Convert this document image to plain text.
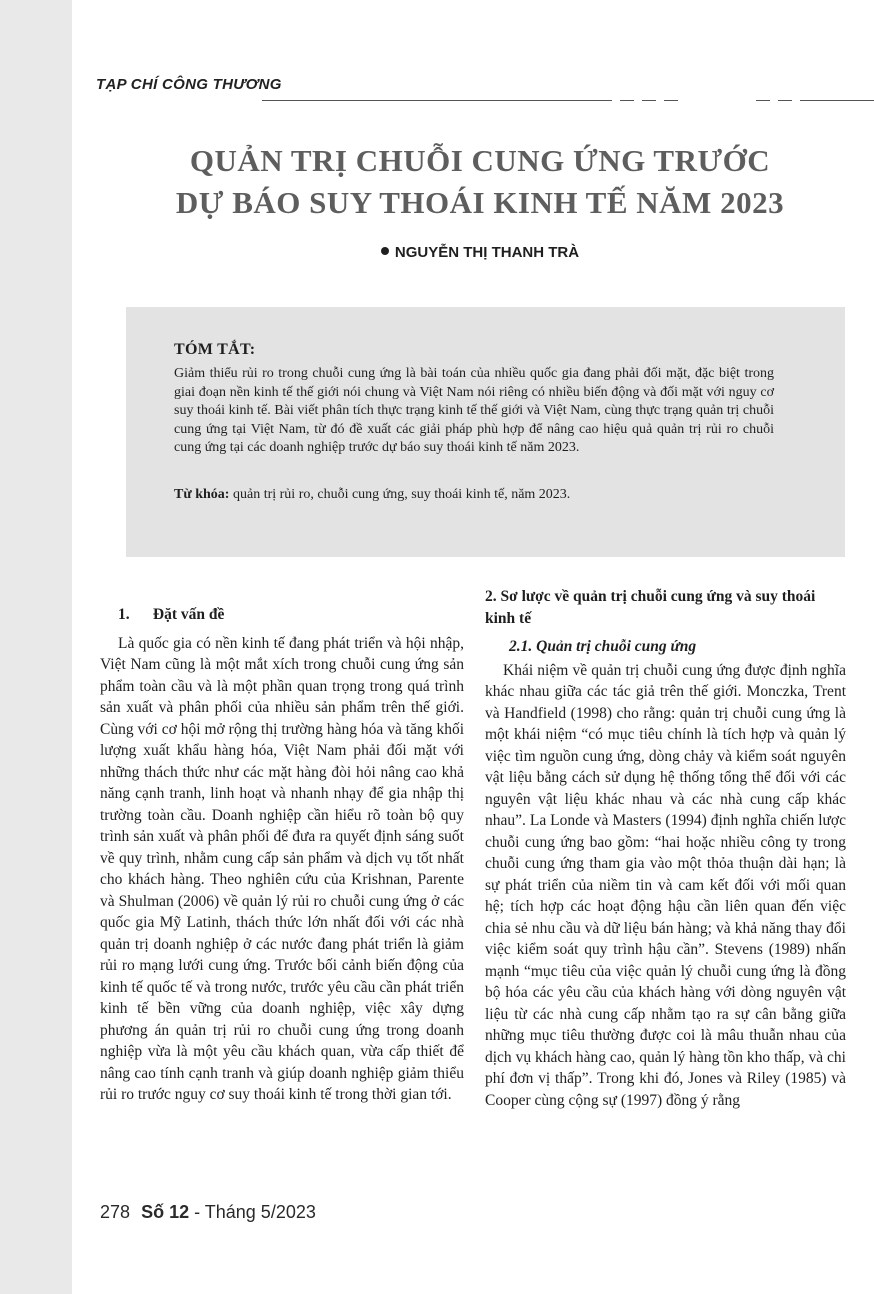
TẠP CHÍ CÔNG THƯƠNG
QUẢN TRỊ CHUỖI CUNG ỨNG TRƯỚC
DỰ BÁO SUY THOÁI KINH TẾ NĂM 2023
NGUYỄN THỊ THANH TRÀ
TÓM TẮT:
Giảm thiểu rủi ro trong chuỗi cung ứng là bài toán của nhiều quốc gia đang phải đối mặt, đặc biệt trong giai đoạn nền kinh tế thế giới nói chung và Việt Nam nói riêng có nhiều biến động và đối mặt với nguy cơ suy thoái kinh tế. Bài viết phân tích thực trạng kinh tế thế giới và Việt Nam, cùng thực trạng quản trị chuỗi cung ứng tại Việt Nam, từ đó đề xuất các giải pháp phù hợp để nâng cao hiệu quả quản trị rủi ro chuỗi cung ứng tại các doanh nghiệp trước dự báo suy thoái kinh tế năm 2023.
Từ khóa: quản trị rủi ro, chuỗi cung ứng, suy thoái kinh tế, năm 2023.
1.      Đặt vấn đề

Là quốc gia có nền kinh tế đang phát triển và hội nhập, Việt Nam cũng là một mắt xích trong chuỗi cung ứng sản phẩm toàn cầu và là một phần quan trọng trong quá trình sản xuất và phân phối của nhiều sản phẩm trên thế giới. Cùng với cơ hội mở rộng thị trường hàng hóa và tăng khối lượng xuất khẩu hàng hóa, Việt Nam phải đối mặt với những thách thức như các mặt hàng đòi hỏi nâng cao khả năng cạnh tranh, linh hoạt và nhanh nhạy để gia nhập thị trường toàn cầu. Doanh nghiệp cần hiểu rõ toàn bộ quy trình sản xuất và phân phối để đưa ra quyết định sáng suốt về quy trình, nhằm cung cấp sản phẩm và dịch vụ tốt nhất cho khách hàng. Theo nghiên cứu của Krishnan, Parente và Shulman (2006) về quản lý rủi ro chuỗi cung ứng ở các quốc gia Mỹ Latinh, thách thức lớn nhất đối với các nhà quản trị doanh nghiệp ở các nước đang phát triển là giảm rủi ro mạng lưới cung ứng. Trước bối cảnh biến động của kinh tế quốc tế và trong nước, trước yêu cầu cần phát triển kinh tế bền vững của doanh nghiệp, việc xây dựng phương án quản trị rủi ro chuỗi cung ứng trong doanh nghiệp vừa là một yêu cầu khách quan, vừa cấp thiết để nâng cao tính cạnh tranh và giúp doanh nghiệp giảm thiểu rủi ro trước nguy cơ suy thoái kinh tế trong thời gian tới.

2. Sơ lược về quản trị chuỗi cung ứng và suy thoái kinh tế
2.1. Quản trị chuỗi cung ứng

Khái niệm về quản trị chuỗi cung ứng được định nghĩa khác nhau giữa các tác giả trên thế giới. Monczka, Trent và Handfield (1998) cho rằng: quản trị chuỗi cung ứng là một khái niệm “có mục tiêu chính là tích hợp và quản lý việc tìm nguồn cung ứng, dòng chảy và kiểm soát nguyên vật liệu bằng cách sử dụng hệ thống tổng thể đối với các nguyên vật liệu khác nhau và các nhà cung cấp khác nhau”. La Londe và Masters (1994) định nghĩa chiến lược chuỗi cung ứng bao gồm: “hai hoặc nhiều công ty trong chuỗi cung ứng tham gia vào một thỏa thuận dài hạn; là sự phát triển của niềm tin và cam kết đối với mối quan hệ; tích hợp các hoạt động hậu cần liên quan đến việc chia sẻ nhu cầu và dữ liệu bán hàng; và khả năng thay đổi việc kiểm soát quy trình hậu cần”. Stevens (1989) nhấn mạnh “mục tiêu của việc quản lý chuỗi cung ứng là đồng bộ hóa các yêu cầu của khách hàng với dòng nguyên vật liệu từ các nhà cung cấp nhằm tạo ra sự cân bằng giữa những mục tiêu thường được coi là mâu thuẫn nhau của dịch vụ khách hàng cao, quản lý hàng tồn kho thấp, và chi phí đơn vị thấp”. Trong khi đó, Jones và Riley (1985) và Cooper cùng cộng sự (1997) đồng ý rằng

278 Số 12 - Tháng 5/2023
